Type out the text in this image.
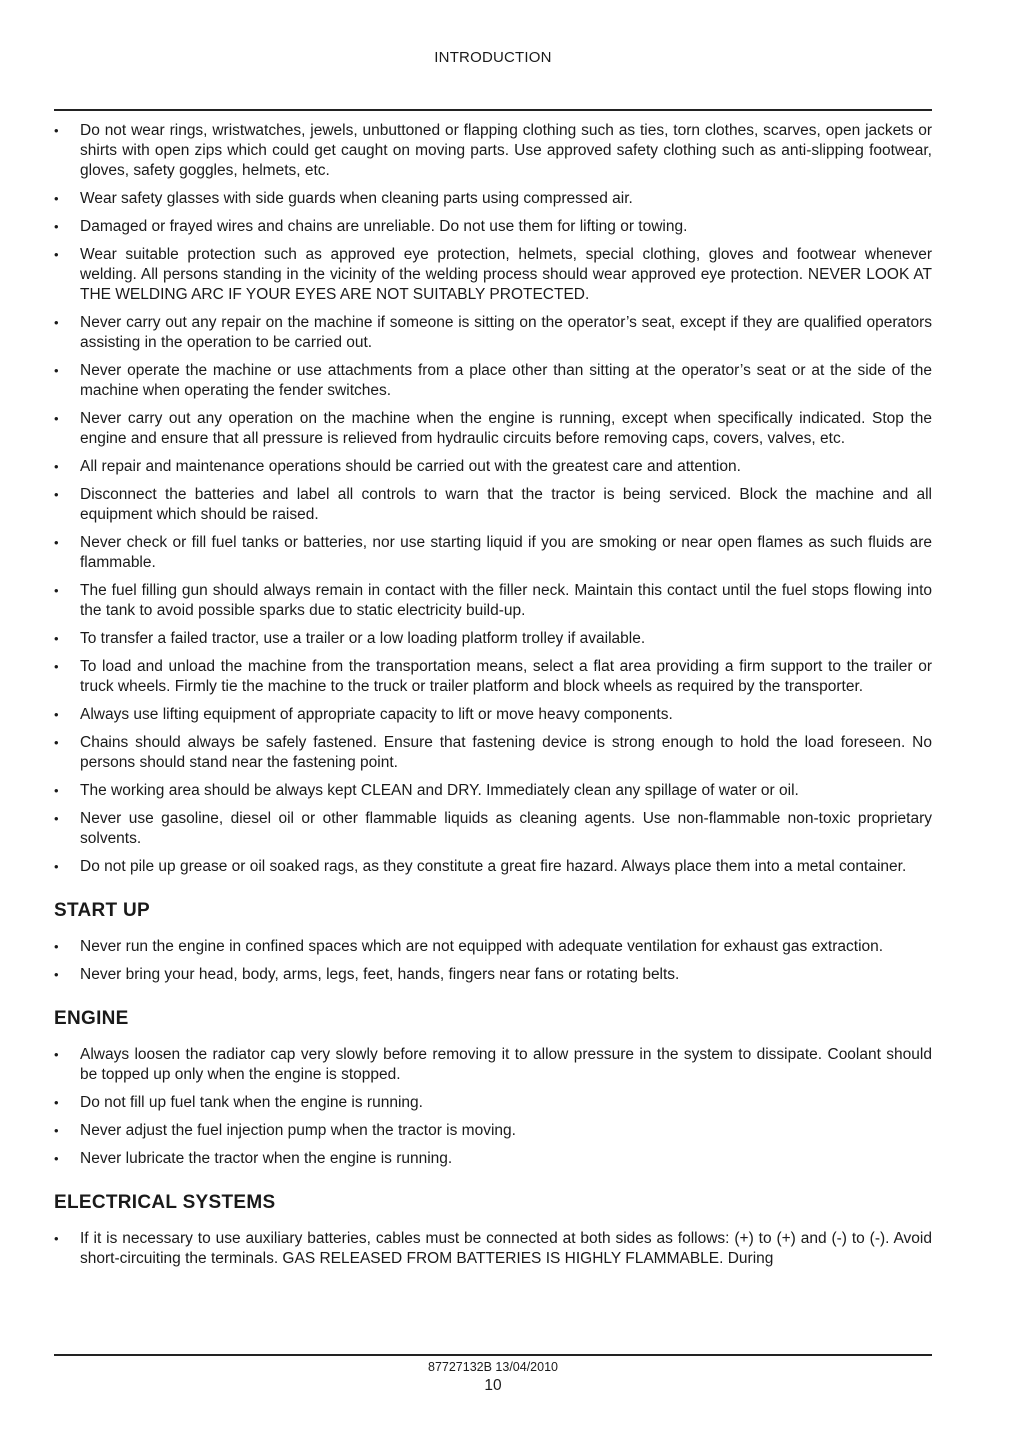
INTRODUCTION
• Do not wear rings, wristwatches, jewels, unbuttoned or flapping clothing such as ties, torn clothes, scarves, open jackets or shirts with open zips which could get caught on moving parts. Use approved safety clothing such as anti-slipping footwear, gloves, safety goggles, helmets, etc.
• Wear safety glasses with side guards when cleaning parts using compressed air.
• Damaged or frayed wires and chains are unreliable. Do not use them for lifting or towing.
• Wear suitable protection such as approved eye protection, helmets, special clothing, gloves and footwear whenever welding. All persons standing in the vicinity of the welding process should wear approved eye protection. NEVER LOOK AT THE WELDING ARC IF YOUR EYES ARE NOT SUITABLY PROTECTED.
• Never carry out any repair on the machine if someone is sitting on the operator’s seat, except if they are qualified operators assisting in the operation to be carried out.
• Never operate the machine or use attachments from a place other than sitting at the operator’s seat or at the side of the machine when operating the fender switches.
• Never carry out any operation on the machine when the engine is running, except when specifically indicated. Stop the engine and ensure that all pressure is relieved from hydraulic circuits before removing caps, covers, valves, etc.
• All repair and maintenance operations should be carried out with the greatest care and attention.
• Disconnect the batteries and label all controls to warn that the tractor is being serviced. Block the machine and all equipment which should be raised.
• Never check or fill fuel tanks or batteries, nor use starting liquid if you are smoking or near open flames as such fluids are flammable.
• The fuel filling gun should always remain in contact with the filler neck. Maintain this contact until the fuel stops flowing into the tank to avoid possible sparks due to static electricity build-up.
• To transfer a failed tractor, use a trailer or a low loading platform trolley if available.
• To load and unload the machine from the transportation means, select a flat area providing a firm support to the trailer or truck wheels. Firmly tie the machine to the truck or trailer platform and block wheels as required by the transporter.
• Always use lifting equipment of appropriate capacity to lift or move heavy components.
• Chains should always be safely fastened. Ensure that fastening device is strong enough to hold the load foreseen. No persons should stand near the fastening point.
• The working area should be always kept CLEAN and DRY. Immediately clean any spillage of water or oil.
• Never use gasoline, diesel oil or other flammable liquids as cleaning agents. Use non-flammable non-toxic proprietary solvents.
• Do not pile up grease or oil soaked rags, as they constitute a great fire hazard. Always place them into a metal container.
START UP
• Never run the engine in confined spaces which are not equipped with adequate ventilation for exhaust gas extraction.
• Never bring your head, body, arms, legs, feet, hands, fingers near fans or rotating belts.
ENGINE
• Always loosen the radiator cap very slowly before removing it to allow pressure in the system to dissipate. Coolant should be topped up only when the engine is stopped.
• Do not fill up fuel tank when the engine is running.
• Never adjust the fuel injection pump when the tractor is moving.
• Never lubricate the tractor when the engine is running.
ELECTRICAL SYSTEMS
• If it is necessary to use auxiliary batteries, cables must be connected at both sides as follows: (+) to (+) and (-) to (-). Avoid short-circuiting the terminals. GAS RELEASED FROM BATTERIES IS HIGHLY FLAMMABLE. During
87727132B 13/04/2010
10
